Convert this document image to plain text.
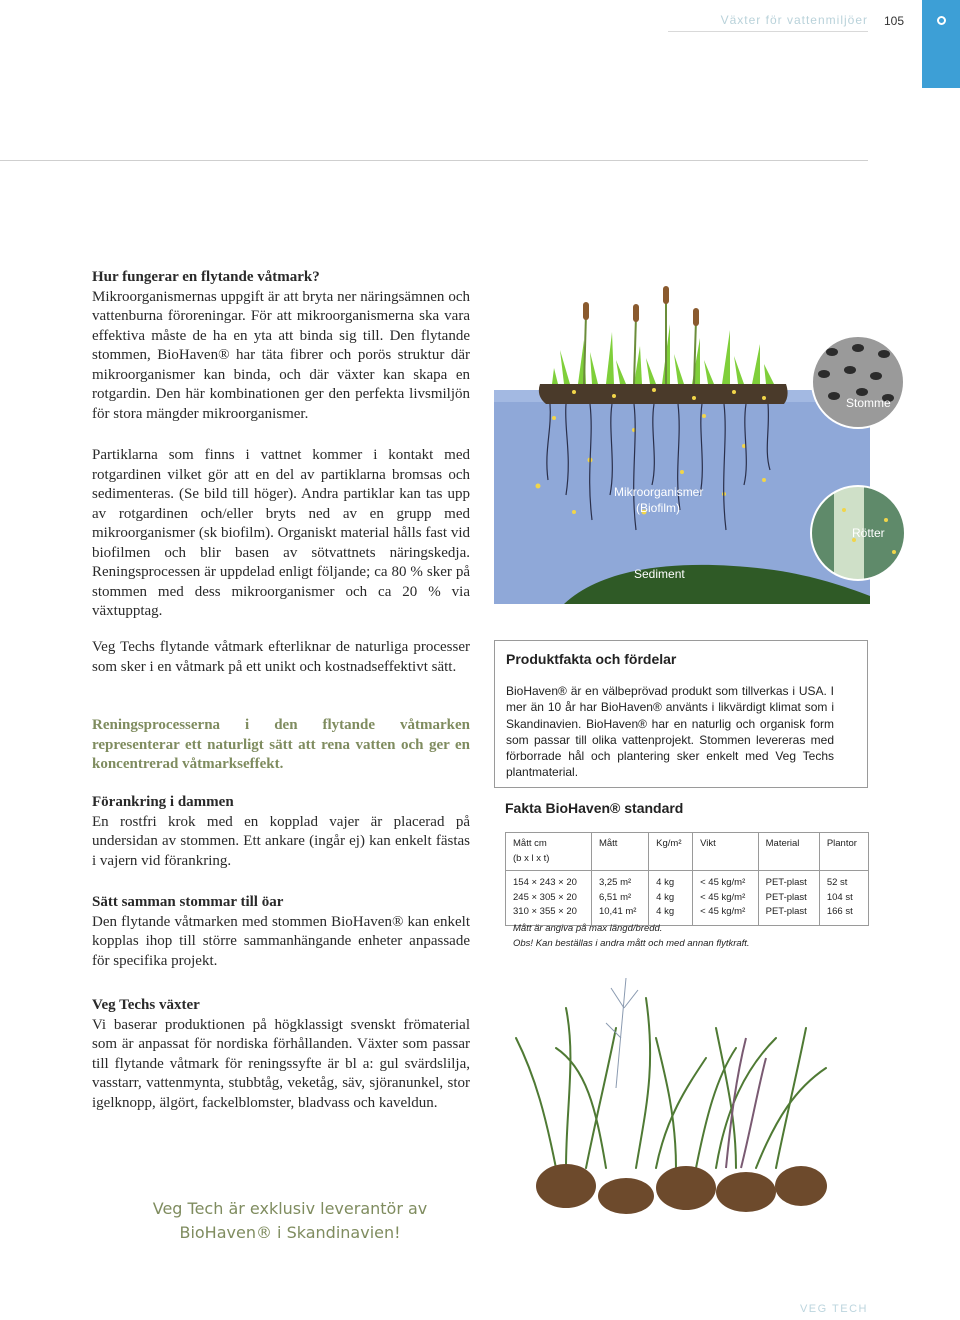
Växter för vattenmiljöer 105

Hur fungerar en flytande våtmark?

Mikroorganismernas uppgift är att bryta ner näringsämnen och vattenburna föroreningar. För att mikroorganismerna ska vara effektiva måste de ha en yta att binda sig till. Den flytande stommen, BioHaven® har täta fibrer och porös struktur där mikroorganismer kan binda, och där växter kan skapa en rotgardin. Den här kombinationen ger den perfekta livsmiljön för stora mängder mikroorganismer.

Partiklarna som finns i vattnet kommer i kontakt med rotgardinen vilket gör att en del av partiklarna bromsas och sedimenteras. (Se bild till höger). Andra partiklar kan tas upp av rotgardinen och/eller bryts ned av en grupp med mikroorganismer (sk biofilm). Organiskt material hålls fast vid biofilmen och blir basen av sötvattnets näringskedja. Reningsprocessen är uppdelad enligt följande; ca 80 % sker på stommen med dess mikroorganismer och ca 20 % via växtupptag.

Veg Techs flytande våtmark efterliknar de naturliga processer som sker i en våtmark på ett unikt och kostnadseffektivt sätt.

Reningsprocesserna i den flytande våtmarken representerar ett naturligt sätt att rena vatten och ger en koncentrerad våtmarkseffekt.

Förankring i dammen

En rostfri krok med en kopplad vajer är placerad på undersidan av stommen. Ett ankare (ingår ej) kan enkelt fästas i vajern vid förankring.

Sätt samman stommar till öar

Den flytande våtmarken med stommen BioHaven® kan enkelt kopplas ihop till större sammanhängande enheter anpassade för specifika projekt.

Veg Techs växter

Vi baserar produktionen på högklassigt svenskt frömaterial som är anpassat för nordiska förhållanden. Växter som passar till flytande våtmark för reningssyfte är bl a: gul svärdslilja, vasstarr, vattenmynta, stubbtåg, veketåg, säv, sjöranunkel, stor igelknopp, älgört, fackelblomster, bladvass och kaveldun.

Stomme
Mikroorganismer
(Biofilm)
Rötter
Sediment
Produktfakta och fördelar
BioHaven® är en välbeprövad produkt som tillverkas i USA. I mer än 10 år har BioHaven® använts i likvärdigt klimat som i Skandinavien. BioHaven® har en naturlig och organisk form som passar till olika vattenprojekt. Stommen levereras med förborrade hål och plantering sker enkelt med Veg Techs plantmaterial.
Fakta BioHaven® standard
Mått cm
(b x l x t)	Mått	Kg/m²	Vikt	Material	Plantor
154 × 243 × 20	3,25 m²	4 kg	< 45 kg/m²	PET-plast	52 st
245 × 305 × 20	6,51 m²	4 kg	< 45 kg/m²	PET-plast	104 st
310 × 355 × 20	10,41 m²	4 kg	< 45 kg/m²	PET-plast	166 st
Mått är angiva på max längd/bredd.
Obs! Kan beställas i andra mått och med annan flytkraft.
Veg Tech är exklusiv leverantör av BioHaven® i Skandinavien!
VEG TECH
